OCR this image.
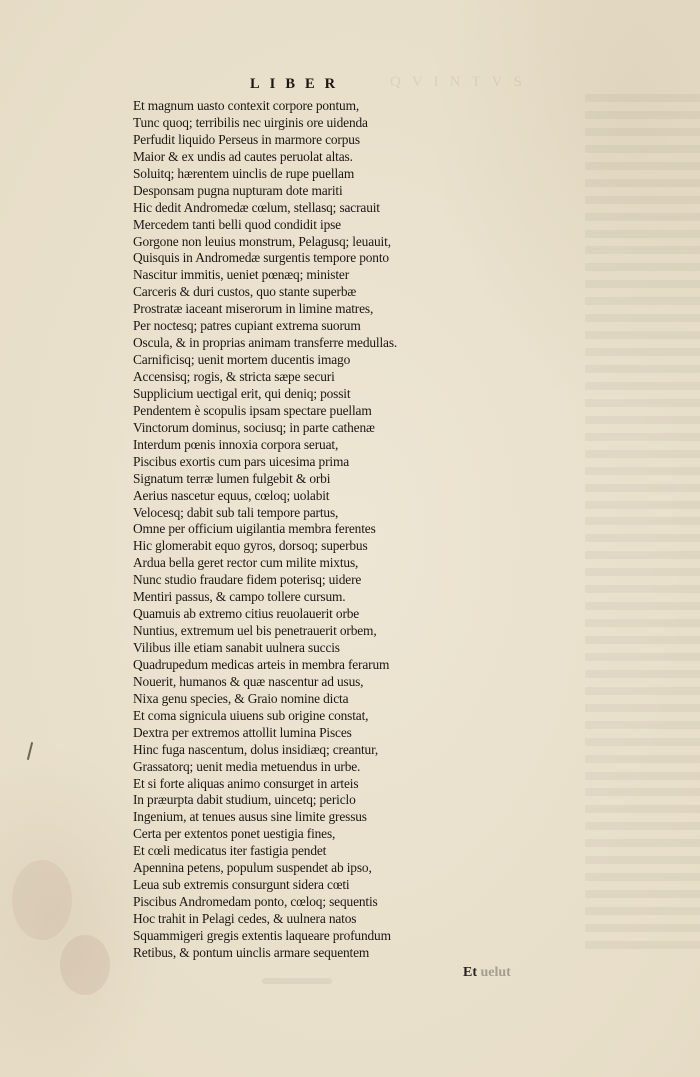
QVINTVS
LIBER
Et magnum uasto contexit corpore pontum,
Tunc quoq; terribilis nec uirginis ore uidenda
Perfudit liquido Perseus in marmore corpus
Maior & ex undis ad cautes peruolat altas.
Soluitq; hærentem uinclis de rupe puellam
Desponsam pugna nupturam dote mariti
Hic dedit Andromedæ cœlum, stellasq; sacrauit
Mercedem tanti belli quod condidit ipse
Gorgone non leuius monstrum, Pelagusq; leuauit,
Quisquis in Andromedæ surgentis tempore ponto
Nascitur immitis, ueniet pœnæq; minister
Carceris & duri custos, quo stante superbæ
Prostratæ iaceant miserorum in limine matres,
Per noctesq; patres cupiant extrema suorum
Oscula, & in proprias animam transferre medullas.
Carnificisq; uenit mortem ducentis imago
Accensisq; rogis, & stricta sæpe securi
Supplicium uectigal erit, qui deniq; possit
Pendentem è scopulis ipsam spectare puellam
Vinctorum dominus, sociusq; in parte cathenæ
Interdum pœnis innoxia corpora seruat,
Piscibus exortis cum pars uicesima prima
Signatum terræ lumen fulgebit & orbi
Aerius nascetur equus, cœloq; uolabit
Velocesq; dabit sub tali tempore partus,
Omne per officium uigilantia membra ferentes
Hic glomerabit equo gyros, dorsoq; superbus
Ardua bella geret rector cum milite mixtus,
Nunc studio fraudare fidem poterisq; uidere
Mentiri passus, & campo tollere cursum.
Quamuis ab extremo citius reuolauerit orbe
Nuntius, extremum uel bis penetrauerit orbem,
Vilibus ille etiam sanabit uulnera succis
Quadrupedum medicas arteis in membra ferarum
Nouerit, humanos & quæ nascentur ad usus,
Nixa genu species, & Graio nomine dicta
Et coma signicula uiuens sub origine constat,
Dextra per extremos attollit lumina Pisces
Hinc fuga nascentum, dolus insidiæq; creantur,
Grassatorq; uenit media metuendus in urbe.
Et si forte aliquas animo consurget in arteis
In præurpta dabit studium, uincetq; periclo
Ingenium, at tenues ausus sine limite gressus
Certa per extentos ponet uestigia fines,
Et cœli medicatus iter fastigia pendet
Apennina petens, populum suspendet ab ipso,
Leua sub extremis consurgunt sidera cœti
Piscibus Andromedam ponto, cœloq; sequentis
Hoc trahit in Pelagi cedes, & uulnera natos
Squammigeri gregis extentis laqueare profundum
Retibus, & pontum uinclis armare sequentem
Et uelut
